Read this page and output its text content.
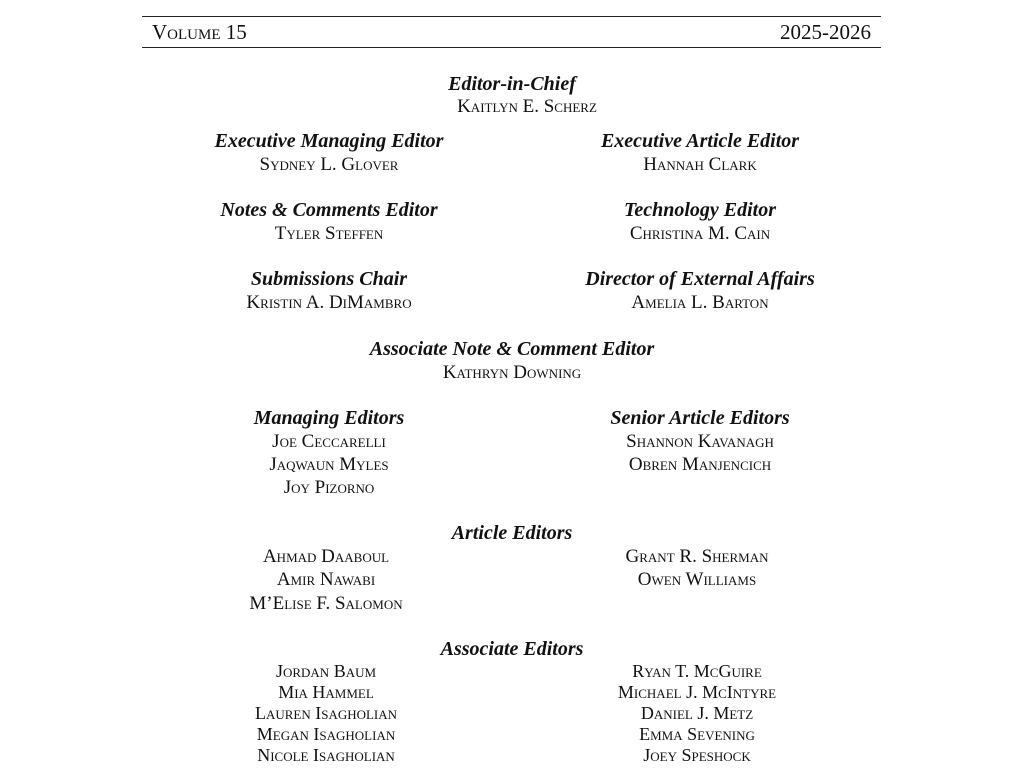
Volume 15	2025-2026
Editor-in-Chief
Kaitlyn E. Scherz
Executive Managing Editor
Sydney L. Glover
Executive Article Editor
Hannah Clark
Notes & Comments Editor
Tyler Steffen
Technology Editor
Christina M. Cain
Submissions Chair
Kristin A. DiMambro
Director of External Affairs
Amelia L. Barton
Associate Note & Comment Editor
Kathryn Downing
Managing Editors
Joe Ceccarelli
Jaqwaun Myles
Joy Pizorno
Senior Article Editors
Shannon Kavanagh
Obren Manjencich
Article Editors
Ahmad Daaboul
Amir Nawabi
M’Elise F. Salomon
Grant R. Sherman
Owen Williams
Associate Editors
Jordan Baum
Mia Hammel
Lauren Isagholian
Megan Isagholian
Nicole Isagholian
Ryan T. McGuire
Michael J. McIntyre
Daniel J. Metz
Emma Sevening
Joey Speshock
